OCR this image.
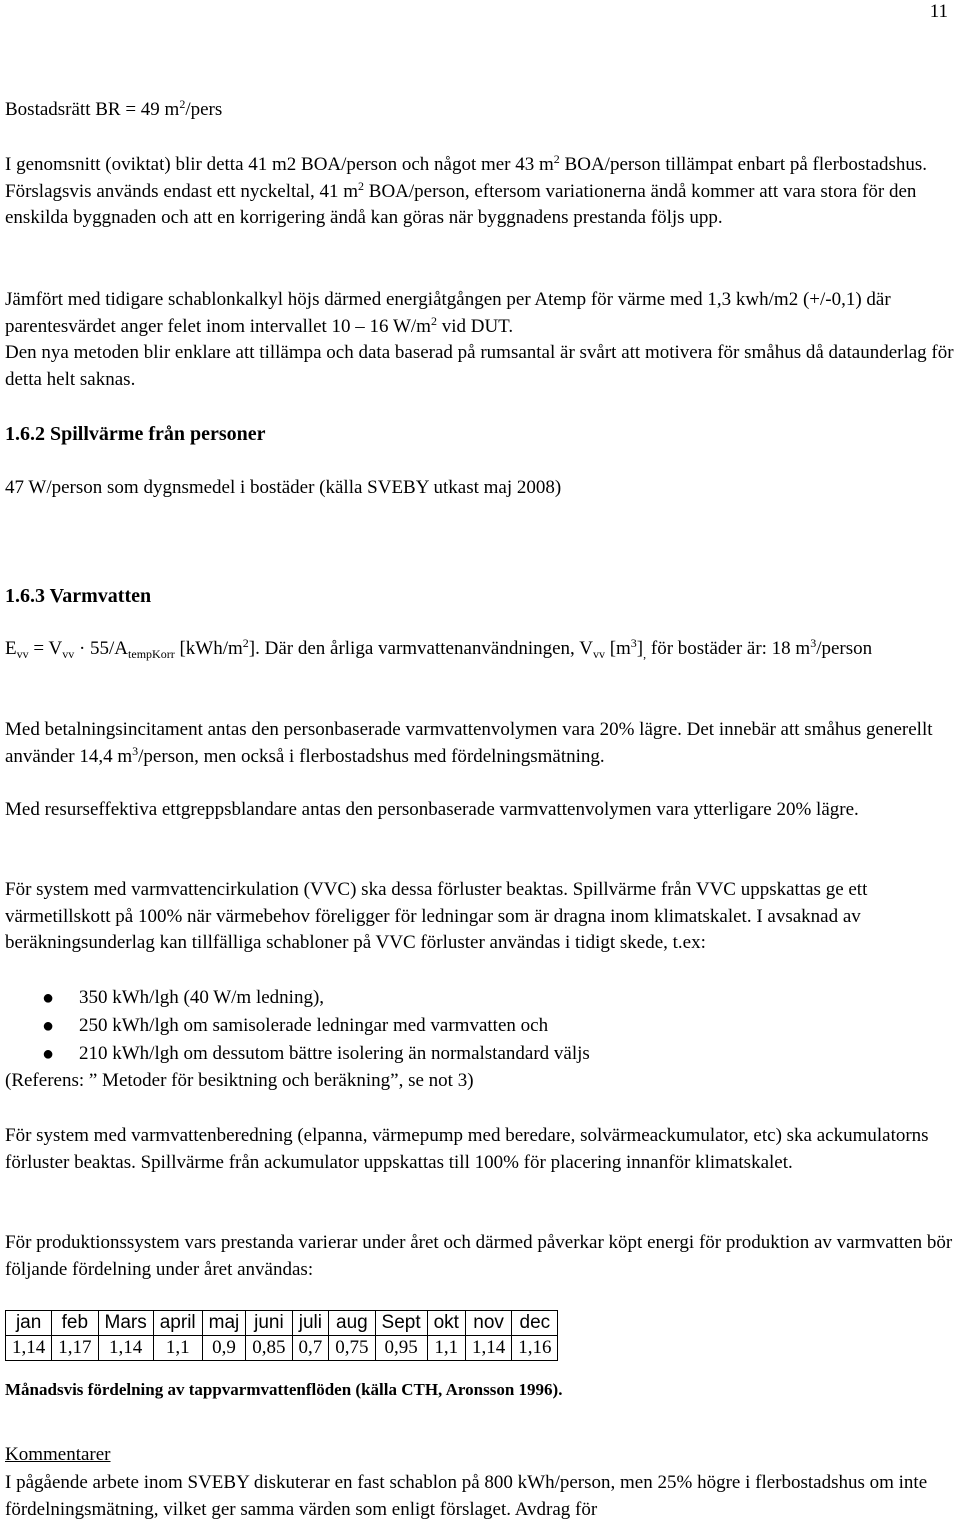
11

Bostadsrätt BR = 49 $m^2$/pers

I genomsnitt (oviktat) blir detta 41 m2 BOA/person och något mer 43 $m^2$ BOA/person tillämpat enbart på flerbostadshus. Förslagsvis används endast ett nyckeltal, 41 $m^2$ BOA/person, eftersom variationerna ändå kommer att vara stora för den enskilda byggnaden och att en korrigering ändå kan göras när byggnadens prestanda följs upp.

Jämfört med tidigare schablonkalkyl höjs därmed energiåtgången per Atemp för värme med 1,3 kwh/m2 (+/-0,1) där parentesvärdet anger felet inom intervallet 10 – 16 $W/m^2$ vid DUT.

Den nya metoden blir enklare att tillämpa och data baserad på rumsantal är svårt att motivera för småhus då dataunderlag för detta helt saknas.

1.6.2 Spillvärme från personer
47 W/person som dygnsmedel i bostäder (källa SVEBY utkast maj 2008)
1.6.3 Varmvatten

$E_{vv} = V_{vv} \cdot 55/A_{tempKorr}$ $[kWh/m^2]$. Där den årliga varmvattenanvändningen, $V_{vv}$ $[m^3]_,$ för bostäder är: 18 $m^3$/person

Med betalningsincitament antas den personbaserade varmvattenvolymen vara 20% lägre. Det innebär att småhus generellt använder 14,4 $m^3$/person, men också i flerbostadshus med fördelningsmätning.

Med resurseffektiva ettgreppsblandare antas den personbaserade varmvattenvolymen vara ytterligare 20% lägre.
För system med varmvattencirkulation (VVC) ska dessa förluster beaktas. Spillvärme från VVC uppskattas ge ett värmetillskott på 100% när värmebehov föreligger för ledningar som är dragna inom klimatskalet. I avsaknad av beräkningsunderlag kan tillfälliga schabloner på VVC förluster användas i tidigt skede, t.ex:
● 350 kWh/lgh (40 W/m ledning),
● 250 kWh/lgh om samisolerade ledningar med varmvatten och
● 210 kWh/lgh om dessutom bättre isolering än normalstandard väljs
(Referens: ” Metoder för besiktning och beräkning”, se not 3)
För system med varmvattenberedning (elpanna, värmepump med beredare, solvärmeackumulator, etc) ska ackumulatorns förluster beaktas. Spillvärme från ackumulator uppskattas till 100% för placering innanför klimatskalet.
För produktionssystem vars prestanda varierar under året och därmed påverkar köpt energi för produktion av varmvatten bör följande fördelning under året användas:
jan	feb	Mars	april	maj	juni	juli	aug	Sept	okt	nov	dec
1,14	1,17	1,14	1,1	0,9	0,85	0,7	0,75	0,95	1,1	1,14	1,16
Månadsvis fördelning av tappvarmvattenflöden (källa CTH, Aronsson 1996).
Kommentarer
I pågående arbete inom SVEBY diskuterar en fast schablon på 800 kWh/person, men 25% högre i flerbostadshus om inte fördelningsmätning, vilket ger samma värden som enligt förslaget. Avdrag för
